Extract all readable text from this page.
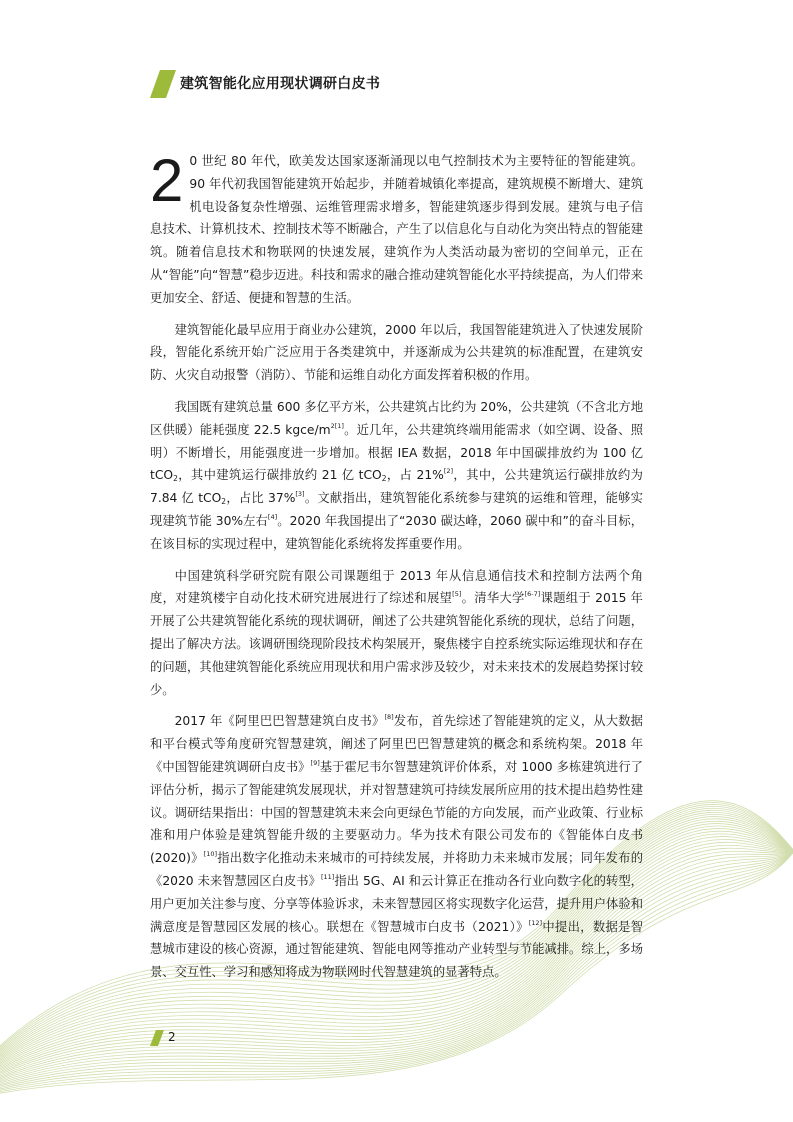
建筑智能化应用现状调研白皮书

2 0 世纪 80 年代，欧美发达国家逐渐涌现以电气控制技术为主要特征的智能建筑。90 年代初我国智能建筑开始起步，并随着城镇化率提高，建筑规模不断增大、建筑机电设备复杂性增强、运维管理需求增多，智能建筑逐步得到发展。建筑与电子信息技术、计算机技术、控制技术等不断融合，产生了以信息化与自动化为突出特点的智能建筑。随着信息技术和物联网的快速发展，建筑作为人类活动最为密切的空间单元，正在从“智能”向“智慧”稳步迈进。科技和需求的融合推动建筑智能化水平持续提高，为人们带来更加安全、舒适、便捷和智慧的生活。

建筑智能化最早应用于商业办公建筑，2000 年以后，我国智能建筑进入了快速发展阶段，智能化系统开始广泛应用于各类建筑中，并逐渐成为公共建筑的标准配置，在建筑安防、火灾自动报警（消防）、节能和运维自动化方面发挥着积极的作用。

我国既有建筑总量 600 多亿平方米，公共建筑占比约为 20%，公共建筑（不含北方地区供暖）能耗强度 22.5 kgce/$m^{2[1]}$。近几年，公共建筑终端用能需求（如空调、设备、照明）不断增长，用能强度进一步增加。根据 IEA 数据，2018 年中国碳排放约为 100 亿 tCO$_2$，其中建筑运行碳排放约 21 亿 tCO$_2$，占 21%[2]，其中，公共建筑运行碳排放约为 7.84 亿 tCO$_2$，占比 37%[3]。文献指出，建筑智能化系统参与建筑的运维和管理，能够实现建筑节能 30%左右[4]。2020 年我国提出了“2030 碳达峰，2060 碳中和”的奋斗目标，在该目标的实现过程中，建筑智能化系统将发挥重要作用。

中国建筑科学研究院有限公司课题组于 2013 年从信息通信技术和控制方法两个角度，对建筑楼宇自动化技术研究进展进行了综述和展望[5]。清华大学[6-7]课题组于 2015 年开展了公共建筑智能化系统的现状调研，阐述了公共建筑智能化系统的现状，总结了问题，提出了解决方法。该调研围绕现阶段技术构架展开，聚焦楼宇自控系统实际运维现状和存在的问题，其他建筑智能化系统应用现状和用户需求涉及较少，对未来技术的发展趋势探讨较少。

2017 年《阿里巴巴智慧建筑白皮书》[8]发布，首先综述了智能建筑的定义，从大数据和平台模式等角度研究智慧建筑，阐述了阿里巴巴智慧建筑的概念和系统构架。2018 年《中国智能建筑调研白皮书》[9]基于霍尼韦尔智慧建筑评价体系，对 1000 多栋建筑进行了评估分析，揭示了智能建筑发展现状，并对智慧建筑可持续发展所应用的技术提出趋势性建议。调研结果指出：中国的智慧建筑未来会向更绿色节能的方向发展，而产业政策、行业标准和用户体验是建筑智能升级的主要驱动力。华为技术有限公司发布的《智能体白皮书(2020)》[10]指出数字化推动未来城市的可持续发展，并将助力未来城市发展；同年发布的《2020 未来智慧园区白皮书》[11]指出 5G、AI 和云计算正在推动各行业向数字化的转型，用户更加关注参与度、分享等体验诉求，未来智慧园区将实现数字化运营，提升用户体验和满意度是智慧园区发展的核心。联想在《智慧城市白皮书（2021）》[12]中提出，数据是智慧城市建设的核心资源，通过智能建筑、智能电网等推动产业转型与节能减排。综上，多场景、交互性、学习和感知将成为物联网时代智慧建筑的显著特点。

2
